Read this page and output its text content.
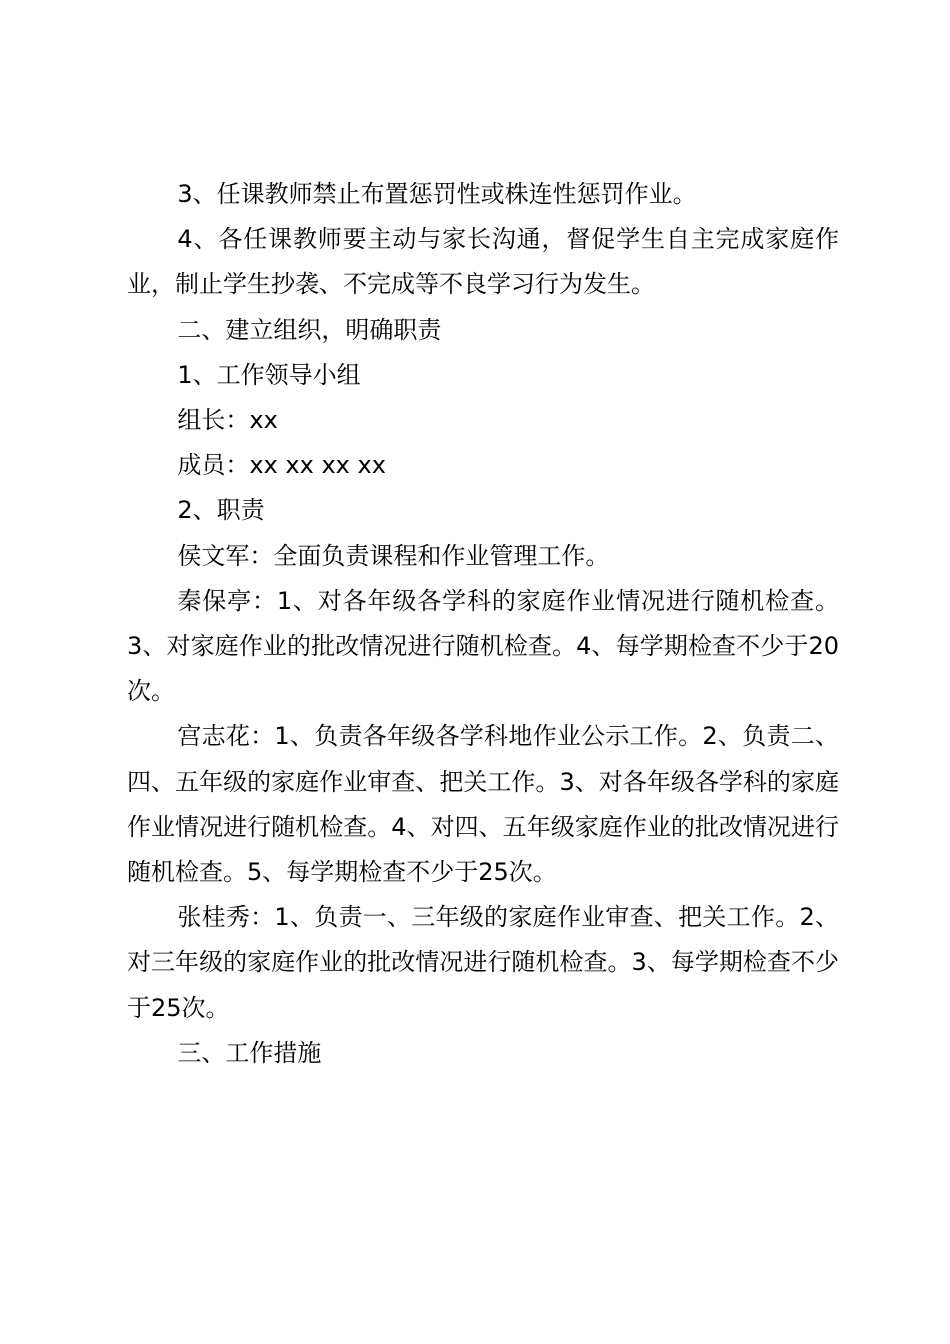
3、任课教师禁止布置惩罚性或株连性惩罚作业。

4、各任课教师要主动与家长沟通，督促学生自主完成家庭作业，制止学生抄袭、不完成等不良学习行为发生。

二、建立组织，明确职责

1、工作领导小组

组长：xx

成员：xx xx xx xx

2、职责

侯文军：全面负责课程和作业管理工作。

秦保亭：1、对各年级各学科的家庭作业情况进行随机检查。3、对家庭作业的批改情况进行随机检查。4、每学期检查不少于20次。

宫志花：1、负责各年级各学科地作业公示工作。2、负责二、四、五年级的家庭作业审查、把关工作。3、对各年级各学科的家庭作业情况进行随机检查。4、对四、五年级家庭作业的批改情况进行随机检查。5、每学期检查不少于25次。

张桂秀：1、负责一、三年级的家庭作业审查、把关工作。2、对三年级的家庭作业的批改情况进行随机检查。3、每学期检查不少于25次。

三、工作措施
